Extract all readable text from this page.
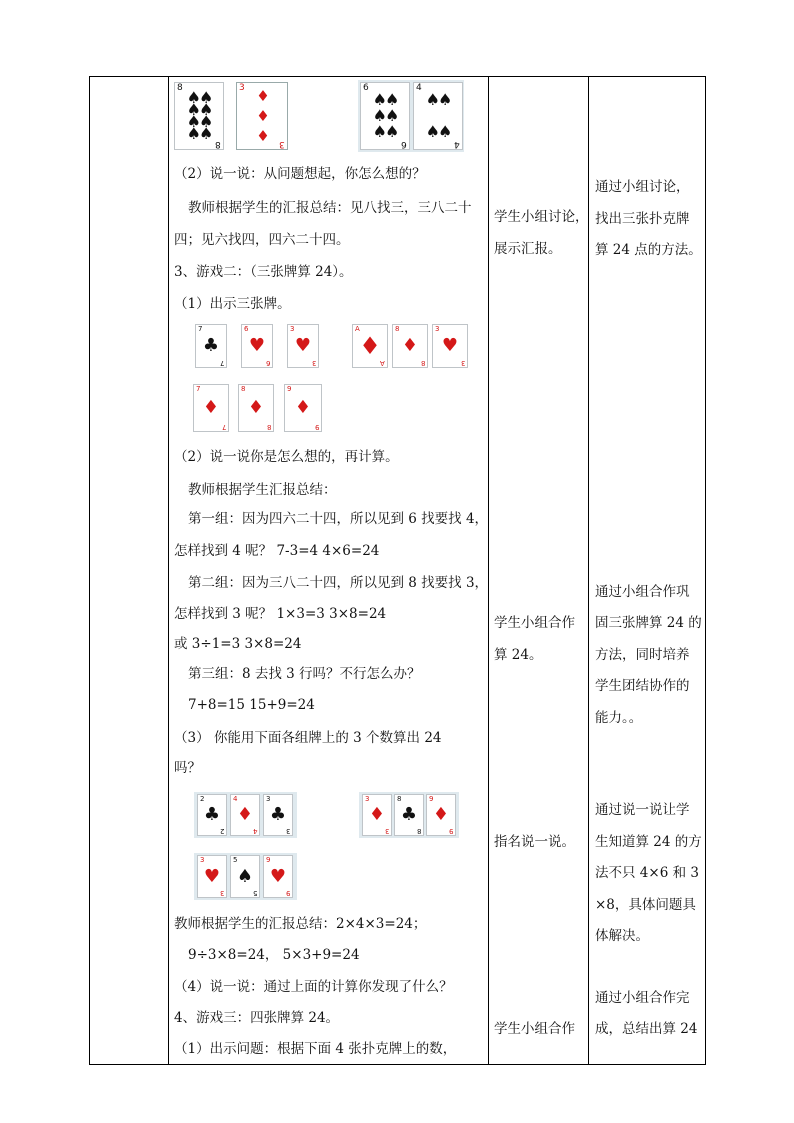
8 ♠♠
♠♠
♠♠
♠♠
8
3 ♦
♦
♦	3
6
♠♠
♠♠
♠♠
6
4
♠♠

♠♠
4
（2）说一说：从问题想起，你怎么想的？
教师根据学生的汇报总结：见八找三，三八二十
四；见六找四，四六二十四。
3、游戏二：（三张牌算 24）。
（1）出示三张牌。
7
♣
7
6
♥
6
3
♥
3
A
♦
A
8
♦
8
3
♥
3
7
♦
7
8
♦
8
9
♦
9
（2）说一说你是怎么想的，再计算。
教师根据学生汇报总结：
第一组：因为四六二十四，所以见到 6 找要找 4，
怎样找到 4 呢？ 7-3=4 4×6=24
第二组：因为三八二十四，所以见到 8 找要找 3，
怎样找到 3 呢？ 1×3=3 3×8=24
或 3÷1=3 3×8=24
第三组：8 去找 3 行吗？不行怎么办？
7+8=15 15+9=24
（3） 你能用下面各组牌上的 3 个数算出 24
吗？
2
♣
2
4
♦
4
3
♣
3
3
♦
3
8
♣
8
9
♦
9
3
♥
3
5
♠
5
9
♥
9
教师根据学生的汇报总结：2×4×3=24；
9÷3×8=24， 5×3+9=24
（4）说一说：通过上面的计算你发现了什么？
4、游戏三：四张牌算 24。
（1）出示问题：根据下面 4 张扑克牌上的数，
学生小组讨论，
展示汇报。
学生小组合作
算 24。
指名说一说。
学生小组合作
通过小组讨论，
找出三张扑克牌
算 24 点的方法。
通过小组合作巩
固三张牌算 24 的
方法，同时培养
学生团结协作的
能力。。
通过说一说让学
生知道算 24 的方
法不只 4×6 和 3
×8，具体问题具
体解决。
通过小组合作完
成，总结出算 24
